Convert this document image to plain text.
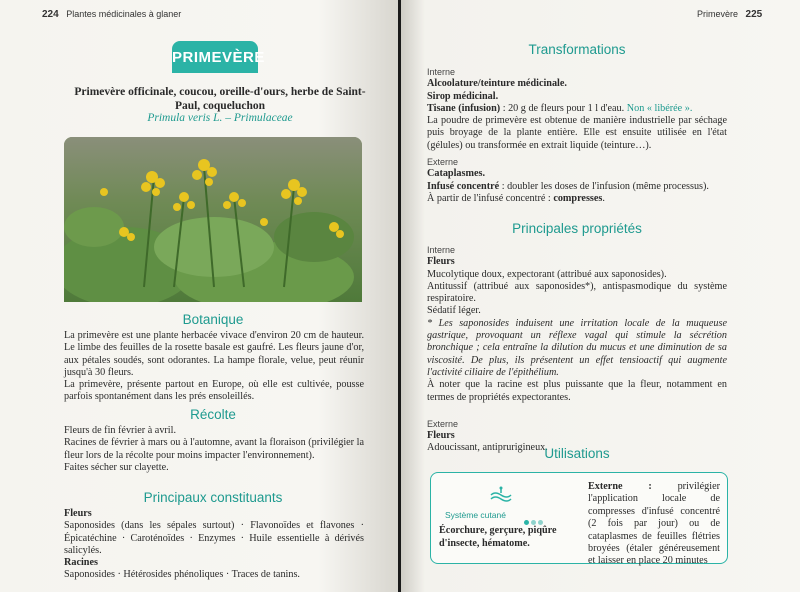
224 Plantes médicinales à glaner
PRIMEVÈRE
Primevère officinale, coucou, oreille-d'ours, herbe de Saint-Paul, coqueluchon
Primula veris L. – Primulaceae
Botanique

La primevère est une plante herbacée vivace d'environ 20 cm de hauteur. Le limbe des feuilles de la rosette basale est gaufré. Les fleurs jaune d'or, aux pétales soudés, sont odorantes. La hampe florale, velue, peut réunir jusqu'à 30 fleurs.

La primevère, présente partout en Europe, où elle est cultivée, pousse parfois spontanément dans les prés ensoleillés.

Récolte

Fleurs de fin février à avril.

Racines de février à mars ou à l'automne, avant la floraison (privilégier la fleur lors de la récolte pour moins impacter l'environnement).

Faites sécher sur clayette.

Principaux constituants

Fleurs

Saponosides (dans les sépales surtout) · Flavonoïdes et flavones · Épicatéchine · Caroténoïdes · Enzymes · Huile essentielle à dérivés salicylés.

Racines

Saponosides · Hétérosides phénoliques · Traces de tanins.

Primevère 225
Transformations
Interne

Alcoolature/teinture médicinale.

Sirop médicinal.

Tisane (infusion) : 20 g de fleurs pour 1 l d'eau. Non « libérée ».

La poudre de primevère est obtenue de manière industrielle par séchage puis broyage de la plante entière. Elle est ensuite utilisée en l'état (gélules) ou transformée en extrait liquide (teinture…).

Externe

Cataplasmes.

Infusé concentré : doubler les doses de l'infusion (même processus).

À partir de l'infusé concentré : compresses.

Principales propriétés
Interne

Fleurs

Mucolytique doux, expectorant (attribué aux saponosides).

Antitussif (attribué aux saponosides*), antispasmodique du système respiratoire.

Sédatif léger.

* Les saponosides induisent une irritation locale de la muqueuse gastrique, provoquant un réflexe vagal qui stimule la sécrétion bronchique ; cela entraîne la dilution du mucus et une diminution de sa viscosité. De plus, ils présentent un effet tensioactif qui augmente l'activité ciliaire de l'épithélium.

À noter que la racine est plus puissante que la fleur, notamment en termes de propriétés expectorantes.

Externe

Fleurs

Adoucissant, antiprurigineux.

Utilisations
Système cutané
Écorchure, gerçure, piqûre d'insecte, hématome.
Externe : privilégier l'application locale de compresses d'infusé concentré (2 fois par jour) ou de cataplasmes de feuilles flétries broyées (étaler généreusement et laisser en place 20 minutes
